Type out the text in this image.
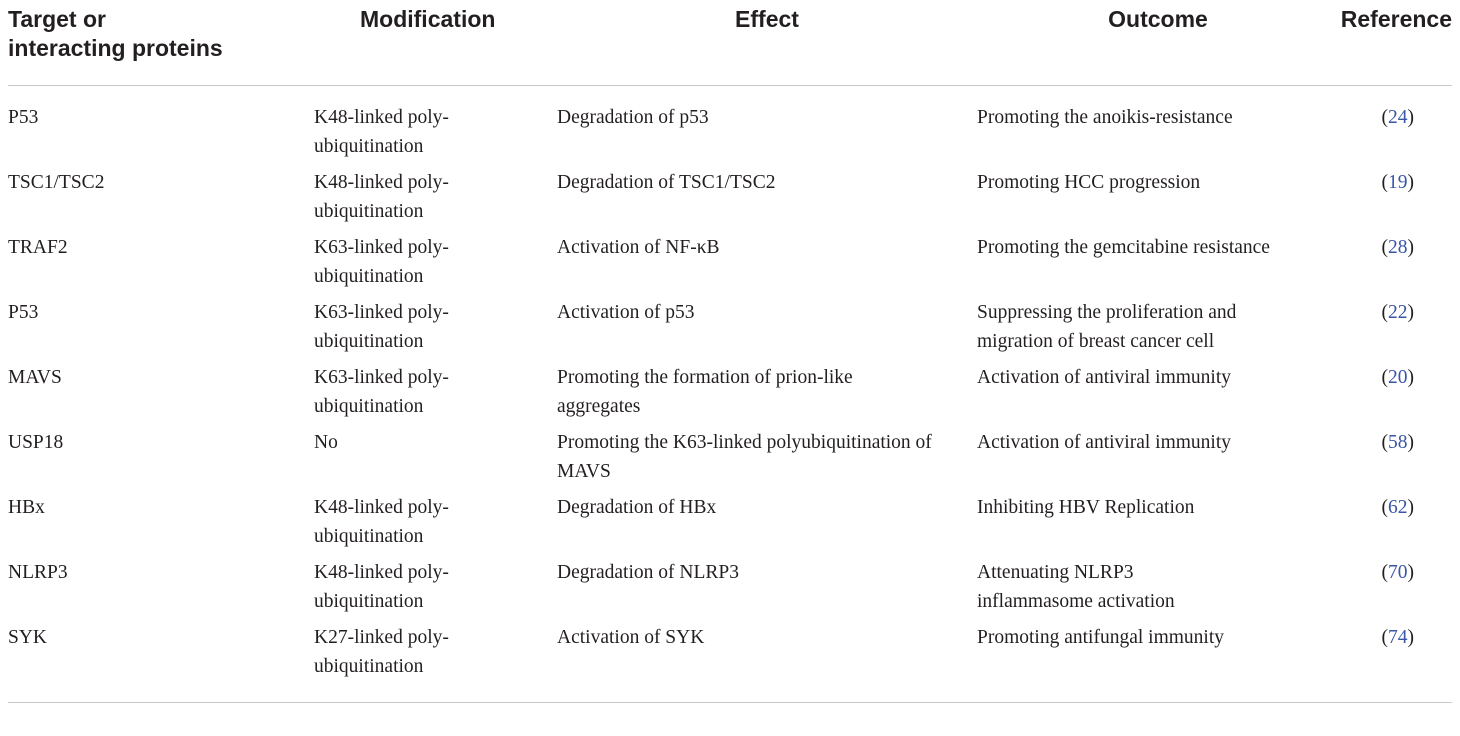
Target or interacting proteins	Modification	Effect	Outcome	Reference
P53	K48-linked poly-ubiquitination	Degradation of p53	Promoting the anoikis-resistance	(24)
TSC1/TSC2	K48-linked poly-ubiquitination	Degradation of TSC1/TSC2	Promoting HCC progression	(19)
TRAF2	K63-linked poly-ubiquitination	Activation of NF-κB	Promoting the gemcitabine resistance	(28)
P53	K63-linked poly-ubiquitination	Activation of p53	Suppressing the proliferation and migration of breast cancer cell	(22)
MAVS	K63-linked poly-ubiquitination	Promoting the formation of prion-like aggregates	Activation of antiviral immunity	(20)
USP18	No	Promoting the K63-linked polyubiquitination of MAVS	Activation of antiviral immunity	(58)
HBx	K48-linked poly-ubiquitination	Degradation of HBx	Inhibiting HBV Replication	(62)
NLRP3	K48-linked poly-ubiquitination	Degradation of NLRP3	Attenuating NLRP3 inflammasome activation	(70)
SYK	K27-linked poly-ubiquitination	Activation of SYK	Promoting antifungal immunity	(74)
